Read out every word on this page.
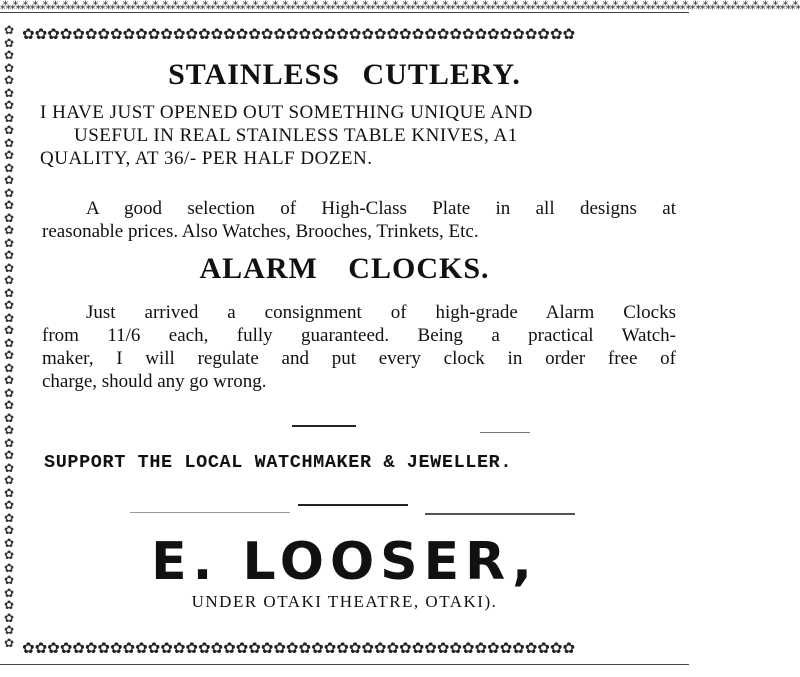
⁂⁂⁂⁂⁂⁂⁂⁂⁂⁂⁂⁂⁂⁂⁂⁂⁂⁂⁂⁂⁂⁂⁂⁂⁂⁂⁂⁂⁂⁂⁂⁂⁂⁂⁂⁂⁂⁂⁂⁂⁂⁂⁂⁂⁂⁂⁂⁂⁂⁂⁂⁂⁂⁂⁂⁂⁂⁂⁂⁂⁂⁂⁂⁂⁂⁂⁂⁂⁂⁂⁂⁂⁂⁂⁂⁂⁂⁂⁂⁂
✿✿✿✿✿✿✿✿✿✿✿✿✿✿✿✿✿✿✿✿✿✿✿✿✿✿✿✿✿✿✿✿✿✿✿✿✿✿✿✿✿✿✿✿
✿
✿
✿
✿
✿
✿
✿
✿
✿
✿
✿
✿
✿
✿
✿
✿
✿
✿
✿
✿
✿
✿
✿
✿
✿
✿
✿
✿
✿
✿
✿
✿
✿
✿
✿
✿
✿
✿
✿
✿
✿
✿
✿
✿
✿
✿
✿
✿
✿
✿
STAINLESS CUTLERY.
I HAVE JUST OPENED OUT SOMETHING UNIQUE AND
USEFUL IN REAL STAINLESS TABLE KNIVES, A1
QUALITY, AT 36/- PER HALF DOZEN.
A good selection of High-Class Plate in all designs at
reasonable prices. Also Watches, Brooches, Trinkets, Etc.
ALARM CLOCKS.
Just arrived a consignment of high-grade Alarm Clocks
from 11/6 each, fully guaranteed. Being a practical Watch-
maker, I will regulate and put every clock in order free of
charge, should any go wrong.
SUPPORT THE LOCAL WATCHMAKER & JEWELLER.
E. LOOSER,
UNDER OTAKI THEATRE, OTAKI).
✿✿✿✿✿✿✿✿✿✿✿✿✿✿✿✿✿✿✿✿✿✿✿✿✿✿✿✿✿✿✿✿✿✿✿✿✿✿✿✿✿✿✿✿
